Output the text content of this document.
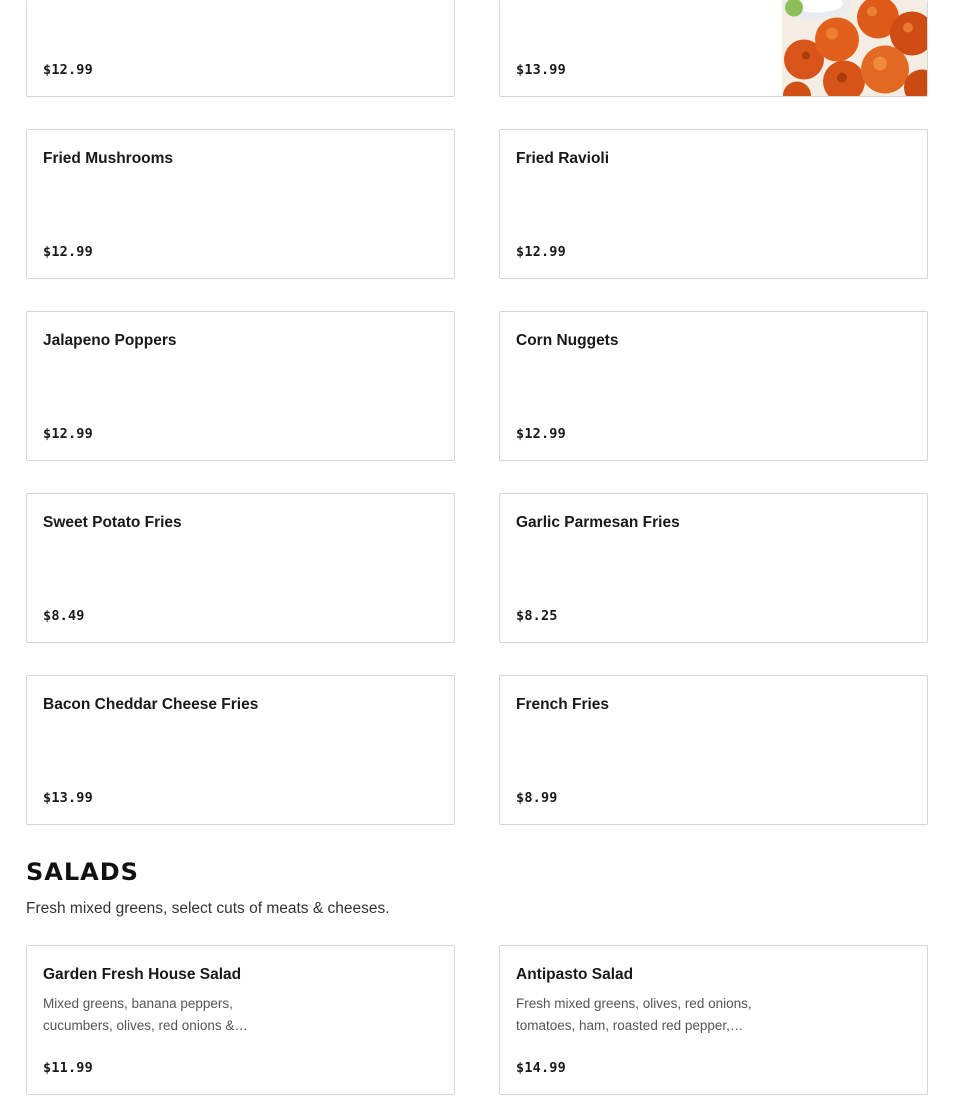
$12.99	$13.99
Fried Mushrooms
$12.99
Fried Ravioli
$12.99
Jalapeno Poppers
$12.99
Corn Nuggets
$12.99
Sweet Potato Fries
$8.49
Garlic Parmesan Fries
$8.25
Bacon Cheddar Cheese Fries
$13.99
French Fries
$8.99
SALADS

Fresh mixed greens, select cuts of meats & cheeses.

Garden Fresh House Salad
Mixed greens, banana peppers, cucumbers, olives, red onions &…
$11.99
Antipasto Salad
Fresh mixed greens, olives, red onions, tomatoes, ham, roasted red pepper,…
$14.99
